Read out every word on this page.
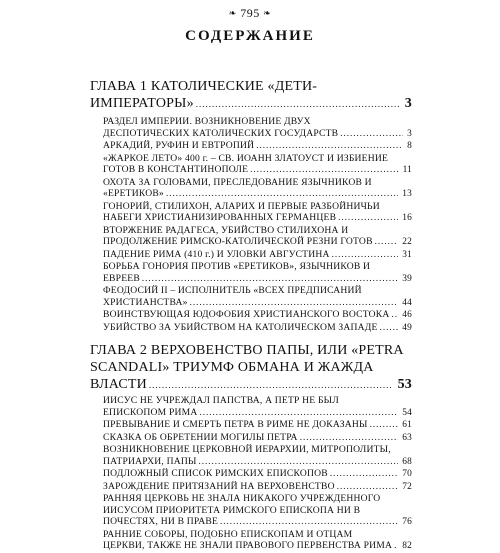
❧ 795 ❧
СОДЕРЖАНИЕ
ГЛАВА 1 КАТОЛИЧЕСКИЕ «ДЕТИ-
ИМПЕРАТОРЫ» .....	3
РАЗДЕЛ ИМПЕРИИ. ВОЗНИКНОВЕНИЕ ДВУХ
ДЕСПОТИЧЕСКИХ КАТОЛИЧЕСКИХ ГОСУДАРСТВ .....	3
АРКАДИЙ, РУФИН И ЕВТРОПИЙ .....	8
«ЖАРКОЕ ЛЕТО» 400 г. – СВ. ИОАНН ЗЛАТОУСТ И ИЗБИЕНИЕ
ГОТОВ В КОНСТАНТИНОПОЛЕ .....	11
ОХОТА ЗА ГОЛОВАМИ, ПРЕСЛЕДОВАНИЕ ЯЗЫЧНИКОВ И
«ЕРЕТИКОВ» .....	13
ГОНОРИЙ, СТИЛИХОН, АЛАРИХ И ПЕРВЫЕ РАЗБОЙНИЧЬИ
НАБЕГИ ХРИСТИАНИЗИРОВАННЫХ ГЕРМАНЦЕВ .....	16
ВТОРЖЕНИЕ РАДАГЕСА, УБИЙСТВО СТИЛИХОНА И
ПРОДОЛЖЕНИЕ РИМСКО-КАТОЛИЧЕСКОЙ РЕЗНИ ГОТОВ .....	22
ПАДЕНИЕ РИМА (410 г.) И УЛОВКИ АВГУСТИНА .....	31
БОРЬБА ГОНОРИЯ ПРОТИВ «ЕРЕТИКОВ», ЯЗЫЧНИКОВ И
ЕВРЕЕВ .....	39
ФЕОДОСИЙ II – ИСПОЛНИТЕЛЬ «ВСЕХ ПРЕДПИСАНИЙ
ХРИСТИАНСТВА» .....	44
ВОИНСТВУЮЩАЯ ЮДОФОБИЯ ХРИСТИАНСКОГО ВОСТОКА ..... 46
УБИЙСТВО ЗА УБИЙСТВОМ НА КАТОЛИЧЕСКОМ ЗАПАДЕ .....	49
ГЛАВА 2 ВЕРХОВЕНСТВО ПАПЫ, ИЛИ «PETRA
SCANDALI» ТРИУМФ ОБМАНА И ЖАЖДА
ВЛАСТИ .....	53
ИИСУС НЕ УЧРЕЖДАЛ ПАПСТВА, А ПЕТР НЕ БЫЛ
ЕПИСКОПОМ РИМА .....	54
ПРЕВЫВАНИЕ И СМЕРТЬ ПЕТРА В РИМЕ НЕ ДОКАЗАНЫ .....	61
СКАЗКА ОБ ОБРЕТЕНИИ МОГИЛЫ ПЕТРА .....	63
ВОЗНИКНОВЕНИЕ ЦЕРКОВНОЙ ИЕРАРХИИ, МИТРОПОЛИТЫ,
ПАТРИАРХИ, ПАПЫ .....	68
ПОДЛОЖНЫЙ СПИСОК РИМСКИХ ЕПИСКОПОВ .....	70
ЗАРОЖДЕНИЕ ПРИТЯЗАНИЙ НА ВЕРХОВЕНСТВО .....	72
РАННЯЯ ЦЕРКОВЬ НЕ ЗНАЛА НИКАКОГО УЧРЕЖДЕННОГО
ИИСУСОМ ПРИОРИТЕТА РИМСКОГО ЕПИСКОПА НИ В
ПОЧЕСТЯХ, НИ В ПРАВЕ .....	76
РАННИЕ СОБОРЫ, ПОДОБНО ЕПИСКОПАМ И ОТЦАМ
ЦЕРКВИ, ТАКЖЕ НЕ ЗНАЛИ ПРАВОВОГО ПЕРВЕНСТВА РИМА ..... 82
